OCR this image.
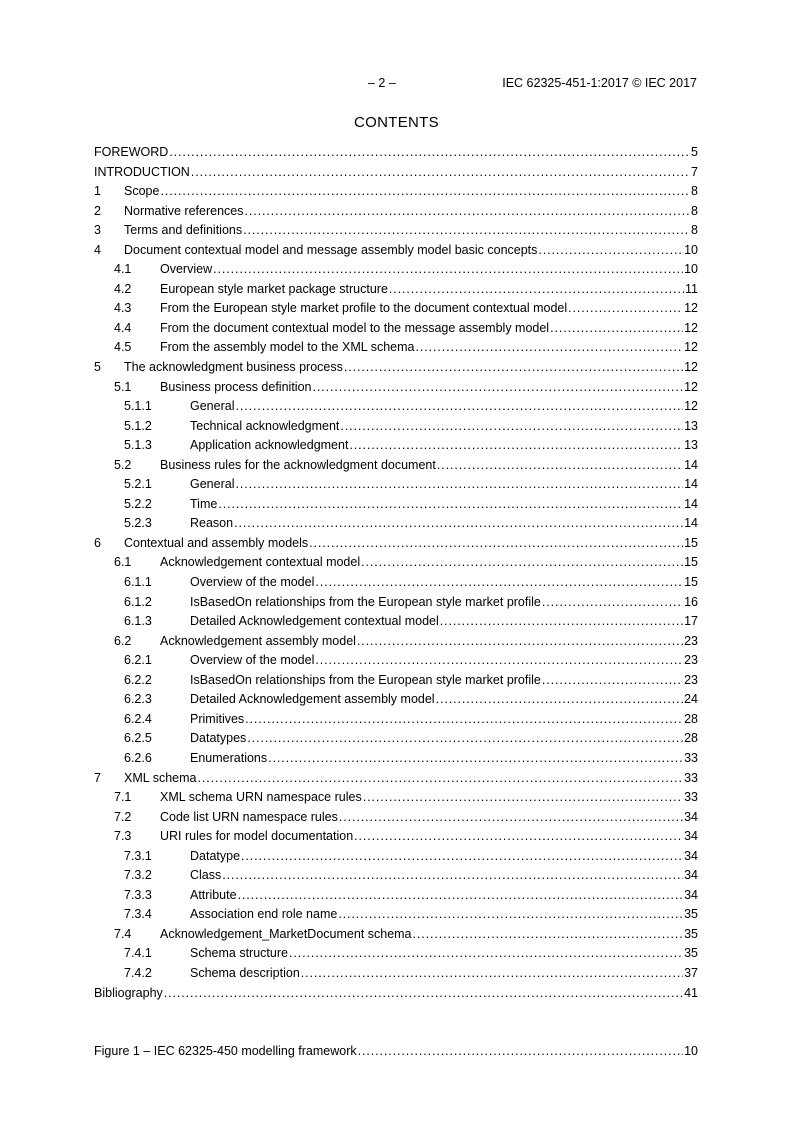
– 2 –	IEC 62325-451-1:2017 © IEC 2017
CONTENTS
FOREWORD .....	5
INTRODUCTION .....	7
1	Scope .....	8
2	Normative references .....	8
3	Terms and definitions .....	8
4	Document contextual model and message assembly model basic concepts .....	10
4.1	Overview .....	10
4.2	European style market package structure .....	11
4.3	From the European style market profile to the document contextual model .....	12
4.4	From the document contextual model to the message assembly model .....	12
4.5	From the assembly model to the XML schema .....	12
5	The acknowledgment business process .....	12
5.1	Business process definition .....	12
5.1.1	General .....	12
5.1.2	Technical acknowledgment .....	13
5.1.3	Application acknowledgment .....	13
5.2	Business rules for the acknowledgment document .....	14
5.2.1	General .....	14
5.2.2	Time .....	14
5.2.3	Reason .....	14
6	Contextual and assembly models .....	15
6.1	Acknowledgement contextual model .....	15
6.1.1	Overview of the model .....	15
6.1.2	IsBasedOn relationships from the European style market profile .....	16
6.1.3	Detailed Acknowledgement contextual model .....	17
6.2	Acknowledgement assembly model .....	23
6.2.1	Overview of the model .....	23
6.2.2	IsBasedOn relationships from the European style market profile .....	23
6.2.3	Detailed Acknowledgement assembly model .....	24
6.2.4	Primitives .....	28
6.2.5	Datatypes .....	28
6.2.6	Enumerations .....	33
7	XML schema .....	33
7.1	XML schema URN namespace rules .....	33
7.2	Code list URN namespace rules .....	34
7.3	URI rules for model documentation .....	34
7.3.1	Datatype .....	34
7.3.2	Class .....	34
7.3.3	Attribute .....	34
7.3.4	Association end role name .....	35
7.4	Acknowledgement_MarketDocument schema .....	35
7.4.1	Schema structure .....	35
7.4.2	Schema description .....	37
Bibliography .....	41
Figure 1 – IEC 62325-450 modelling framework .....	10
